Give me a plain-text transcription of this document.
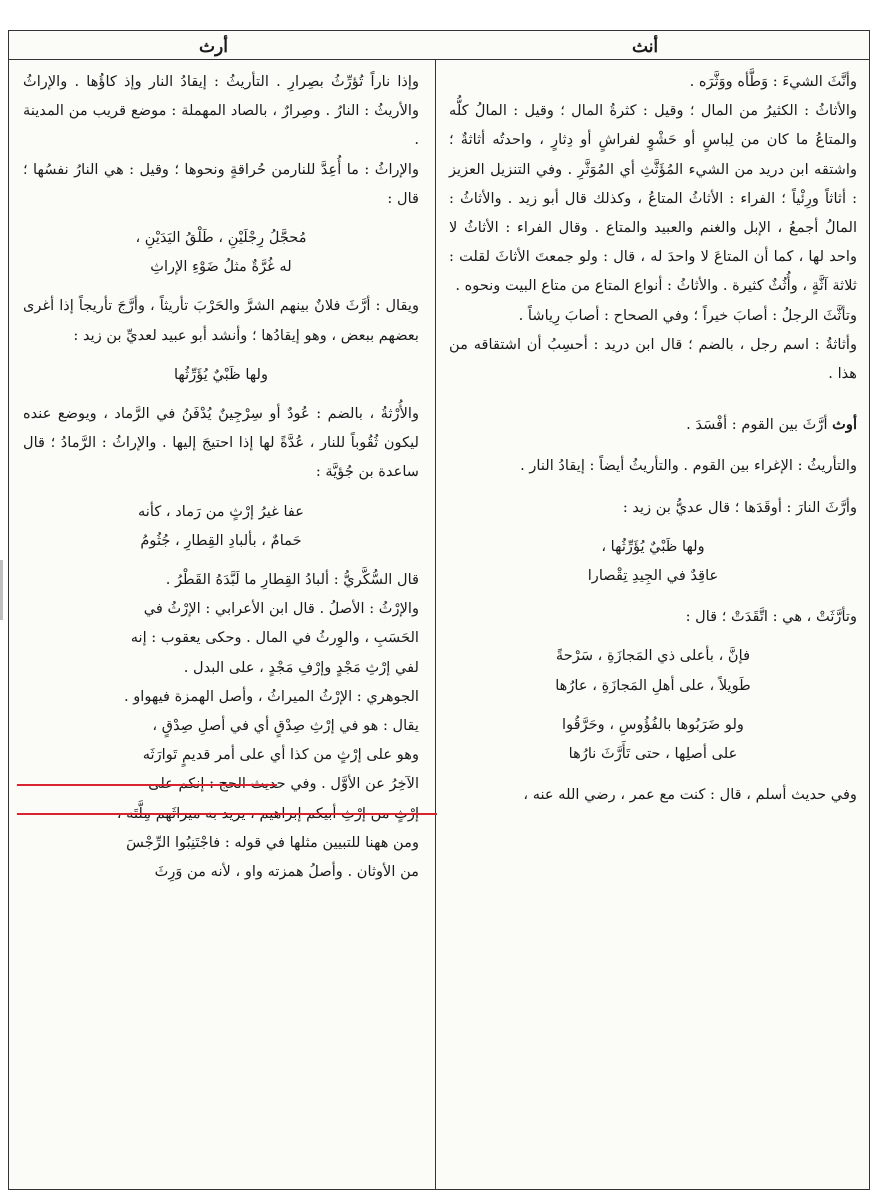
أرث	أنث

وإذا ناراً تُؤرِّثُ بصِرارِ . التأريثُ : إيقادُ النار وإذ كاؤُها . والإراثُ والأريثُ : النارُ . وصِرارٌ ، بالصاد المهملة : موضع قريب من المدينة .

والإراثُ : ما أُعِدَّ للنارمن حُراقةٍ ونحوها ؛ وقيل : هي النارُ نفسُها ؛ قال :

مُحجَّلُ رِجْلَيْنِ ، طَلْقُ اليَدَيْنِ ،
له غُرَّةٌ مثلُ ضَوْءِ الإراثِ

ويقال : أرَّثَ فلانٌ بينهم الشرَّ والحَرْبَ تأريثاً ، وأرَّجَ تأريجاً إذا أغرى بعضهم ببعض ، وهو إيقادُها ؛ وأنشد أبو عبيد لعديِّ بن زيد :

ولها ظَبْيٌ يُؤَرِّثُها

والأُرْثةُ ، بالضم : عُودٌ أو سِرْجِينٌ يُدْفَنُ في الرَّماد ، ويوضع عنده ليكون ثُقُوباً للنار ، عُدَّةً لها إذا احتيجَ إليها . والإراثُ : الرَّمادُ ؛ قال ساعدة بن جُؤيَّة :

عفا غيرُ إرْثٍ من رَماد ، كأنه
حَمامٌ ، بألبادِ القِطارِ ، جُثُومُ

قال السُّكَّريُّ : ألبادُ القِطارِ ما لَبَّدَهُ القَطْرُ .

والإرْثُ : الأصلُ . قال ابن الأعرابي : الإرْثُ في

الحَسَبِ ، والوِرثُ في المال . وحكى يعقوب : إنه

لفي إرْثِ مَجْدٍ وإرْفِ مَجْدٍ ، على البدل .

الجوهري : الإرْثُ الميراثُ ، وأصل الهمزة فيهواو .

يقال : هو في إرْثِ صِدْقٍ أي في أصلِ صِدْقٍ ،

وهو على إرْثٍ من كذا أي على أمر قديمٍ تَوارَثَه

الآخِرُ عن الأوَّل . وفي حديث الحج : إنكم على

إرْثٍ من إرْثِ أبيكم إبراهيم ، يريد به ميراثَهم مِلَّتَه ،

ومن ههنا للتبيين مثلها في قوله : فاجْتَنِبُوا الرِّجْسَ

من الأوثان . وأصلُ همزته واو ، لأنه من وَرِثَ

وأنَّثَ الشيءَ : وَطَّأه ووَثَّرَه .

والأثاثُ : الكثيرُ من المال ؛ وقيل : كثرةُ المال ؛ وقيل : المالُ كلُّه والمتاعُ ما كان من لِباسٍ أو حَشْوٍ لفراشٍ أو دِثارٍ ، واحدتُه أثاثةٌ ؛ واشتقه ابن دريد من الشيء المُؤَثَّثِ أي المُوَثَّرِ . وفي التنزيل العزيز : أثاثاً ورِئْياً ؛ الفراء : الأثاثُ المتاعُ ، وكذلك قال أبو زيد . والأثاثُ : المالُ أجمعُ ، الإبل والغنم والعبيد والمتاع . وقال الفراء : الأثاثُ لا واحد لها ، كما أن المتاعَ لا واحدَ له ، قال : ولو جمعتَ الأثاثَ لقلت : ثلاثة آثَّةٍ ، وأُثُثٌ كثيرة . والأثاثُ : أنواع المتاع من متاع البيت ونحوه .

وتأثَّثَ الرجلُ : أصابَ خيراً ؛ وفي الصحاح : أصابَ رِياشاً .

وأثاثةُ : اسم رجل ، بالضم ؛ قال ابن دريد : أحسِبُ أن اشتقاقه من هذا .

أوث أرَّثَ بين القوم : أفْسَدَ .

والتأريثُ : الإغراء بين القوم . والتأريثُ أيضاً : إيقادُ النار .

وأرَّثَ النارَ : أوقَدَها ؛ قال عديُّ بن زيد :

ولها ظَبْيٌ يُؤَرِّثُها ،
عاقِدٌ في الجِيدِ تِقْصارا

وتأرَّثَتْ ، هي : اتَّقَدَتْ ؛ قال :

فإنَّ ، بأعلى ذي المَجازَةِ ، سَرْحةً
طَويلاً ، على أهلِ المَجازَةِ ، عارُها
ولو ضَرَبُوها بالفُؤُوسِ ، وحَرَّقُوا
على أصلِها ، حتى تَأَرَّثَ نارُها

وفي حديث أسلم ، قال : كنت مع عمر ، رضي الله عنه ،
